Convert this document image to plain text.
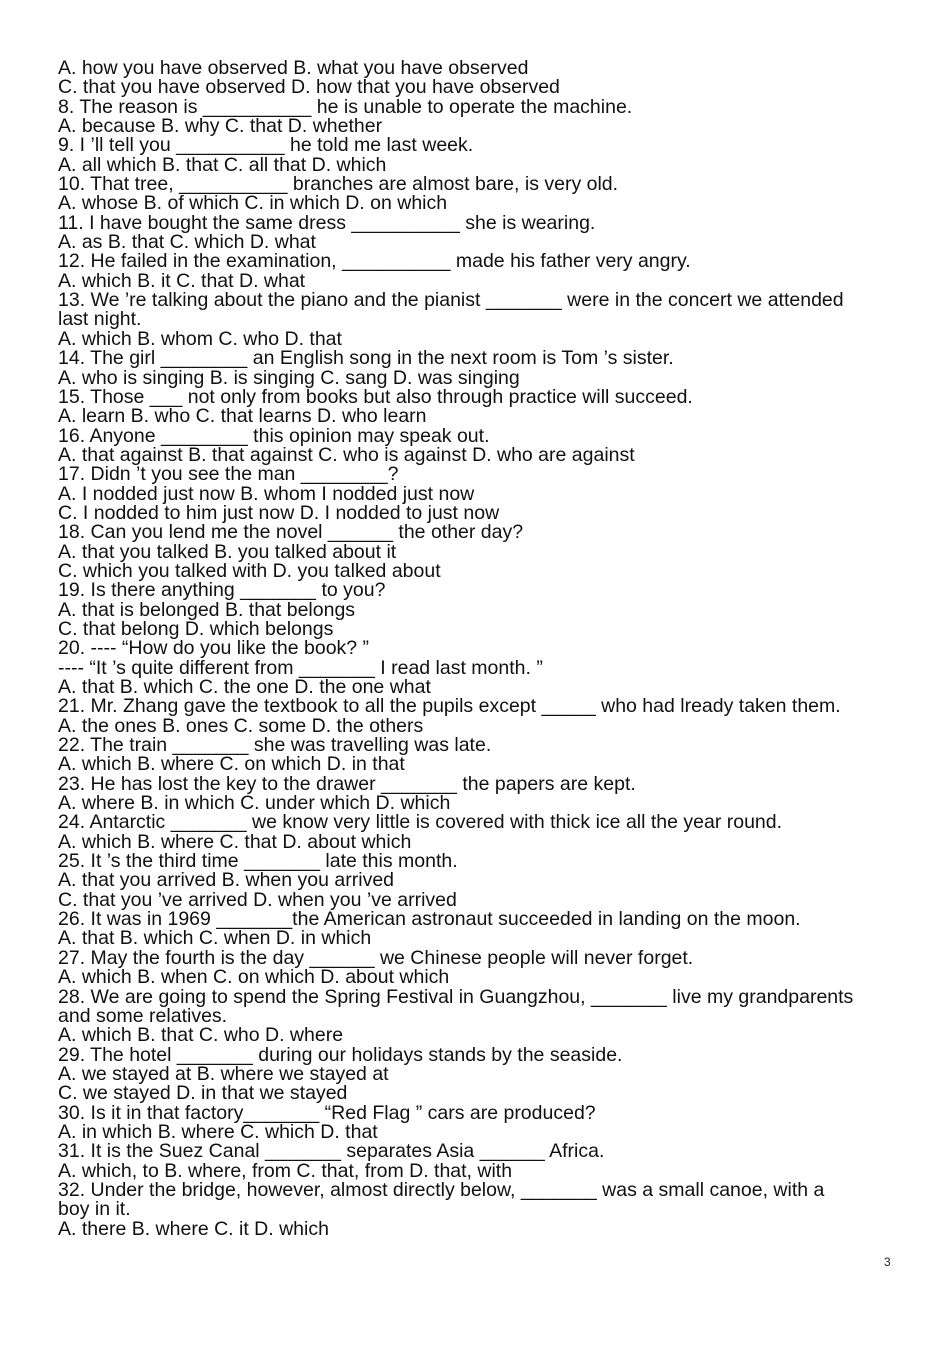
A. how you have observed B. what you have observed

C. that you have observed D. how that you have observed

8. The reason is __________ he is unable to operate the machine.

A. because B. why C. that D. whether

9. I ’ll tell you __________ he told me last week.

A. all which B. that C. all that D. which

10. That tree, __________ branches are almost bare, is very old.

A. whose B. of which C. in which D. on which

11. I have bought the same dress __________ she is wearing.

A. as B. that C. which D. what

12. He failed in the examination, __________ made his father very angry.

A. which B. it C. that D. what

13. We ’re talking about the piano and the pianist _______ were in the concert we attended

last night.

A. which B. whom C. who D. that

14. The girl ________ an English song in the next room is Tom ’s sister.

A. who is singing B. is singing C. sang D. was singing

15. Those ___ not only from books but also through practice will succeed.

A. learn B. who C. that learns D. who learn

16. Anyone ________ this opinion may speak out.

A. that against B. that against C. who is against D. who are against

17. Didn ’t you see the man ________?

A. I nodded just now B. whom I nodded just now

C. I nodded to him just now D. I nodded to just now

18. Can you lend me the novel ______ the other day?

A. that you talked B. you talked about it

C. which you talked with D. you talked about

19. Is there anything _______ to you?

A. that is belonged B. that belongs

C. that belong D. which belongs

20. ---- “How do you like the book? ”

---- “It ’s quite different from _______ I read last month. ”

A. that B. which C. the one D. the one what

21. Mr. Zhang gave the textbook to all the pupils except _____ who had lready taken them.

A. the ones B. ones C. some D. the others

22. The train _______ she was travelling was late.

A. which B. where C. on which D. in that

23. He has lost the key to the drawer _______ the papers are kept.

A. where B. in which C. under which D. which

24. Antarctic _______ we know very little is covered with thick ice all the year round.

A. which B. where C. that D. about which

25. It ’s the third time _______ late this month.

A. that you arrived B. when you arrived

C. that you ’ve arrived D. when you ’ve arrived

26. It was in 1969 _______the American astronaut succeeded in landing on the moon.

A. that B. which C. when D. in which

27. May the fourth is the day ______ we Chinese people will never forget.

A. which B. when C. on which D. about which

28. We are going to spend the Spring Festival in Guangzhou, _______ live my grandparents

and some relatives.

A. which B. that C. who D. where

29. The hotel _______ during our holidays stands by the seaside.

A. we stayed at B. where we stayed at

C. we stayed D. in that we stayed

30. Is it in that factory_______ “Red Flag ” cars are produced?

A. in which B. where C. which D. that

31. It is the Suez Canal _______ separates Asia ______ Africa.

A. which, to B. where, from C. that, from D. that, with

32. Under the bridge, however, almost directly below, _______ was a small canoe, with a

boy in it.

A. there B. where C. it D. which

3
